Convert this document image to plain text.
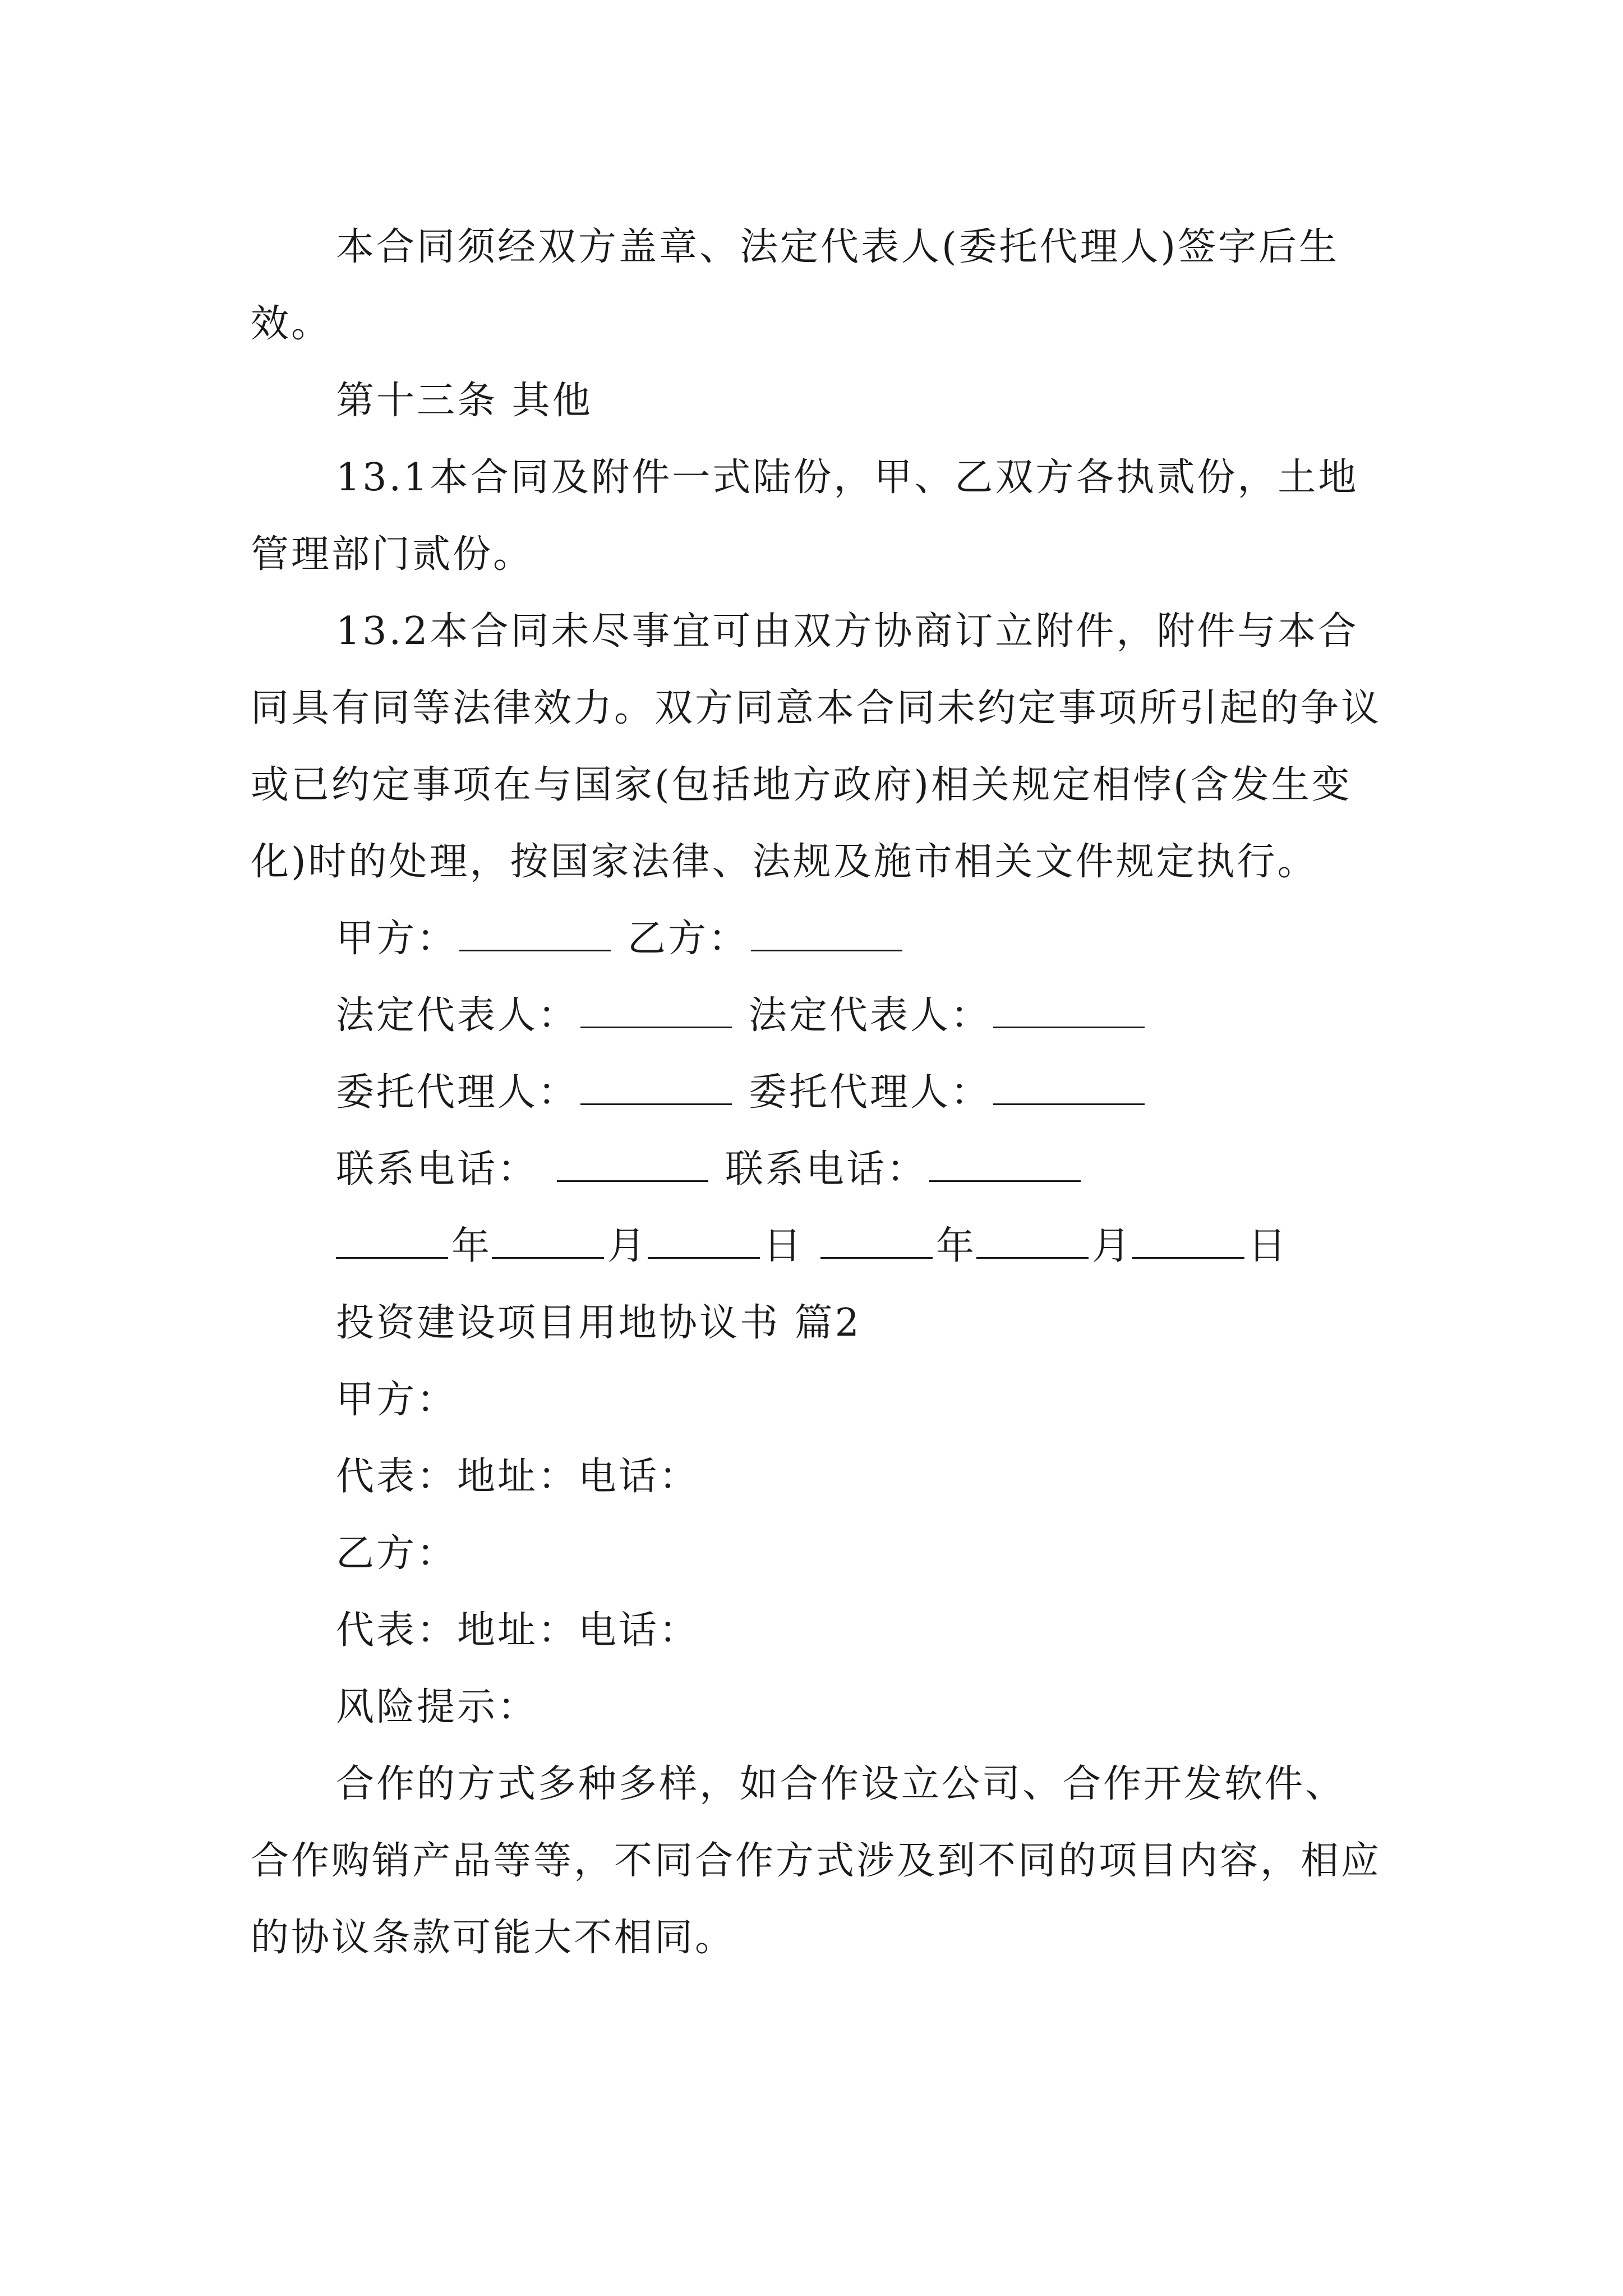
本合同须经双方盖章、法定代表人(委托代理人)签字后生效。

第十三条 其他

13.1本合同及附件一式陆份，甲、乙双方各执贰份，土地管理部门贰份。

13.2本合同未尽事宜可由双方协商订立附件，附件与本合同具有同等法律效力。双方同意本合同未约定事项所引起的争议或已约定事项在与国家(包括地方政府)相关规定相悖(含发生变化)时的处理，按国家法律、法规及施市相关文件规定执行。

甲方：	乙方：
法定代表人：	法定代表人：
委托代理人：	委托代理人：
联系电话：	联系电话：
年	月	日	年	月	日

投资建设项目用地协议书 篇2

甲方：

代表：地址：电话：

乙方：

代表：地址：电话：

风险提示：

合作的方式多种多样，如合作设立公司、合作开发软件、合作购销产品等等，不同合作方式涉及到不同的项目内容，相应的协议条款可能大不相同。
